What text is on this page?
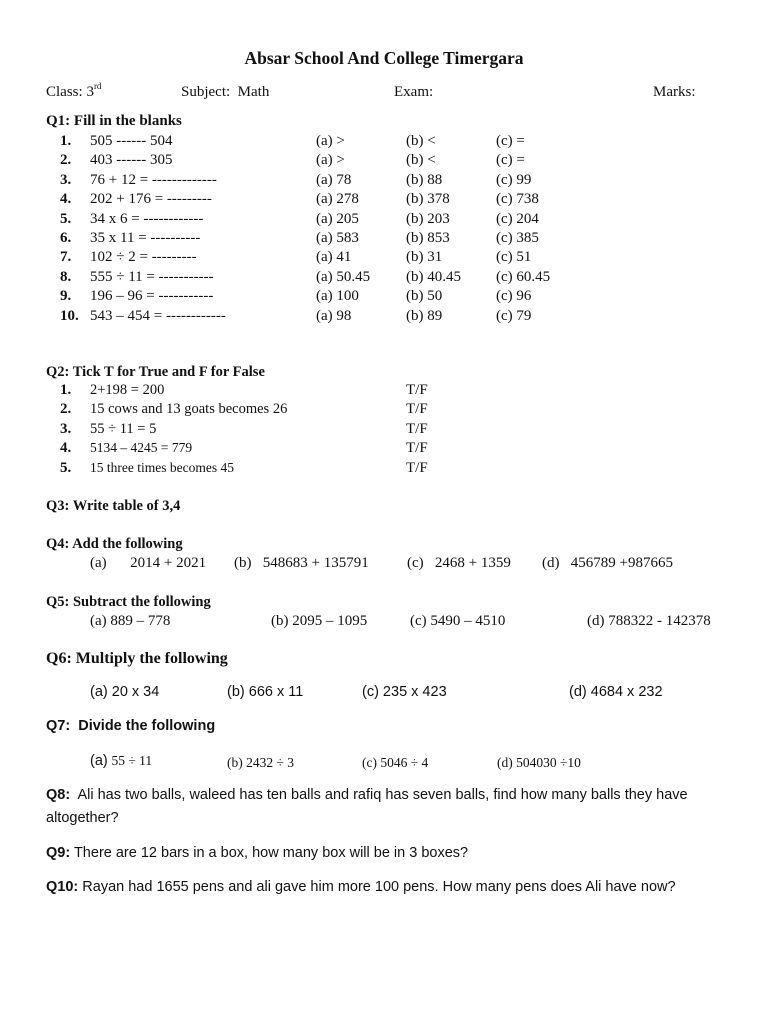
Absar School And College Timergara
Class: 3rd	Subject: Math	Exam:	Marks:
Q1: Fill in the blanks
1. 505 ------ 504	(a) >	(b) <	(c) =
2. 403 ------ 305	(a) >	(b) <	(c) =
3. 76 + 12 = -------------	(a) 78	(b) 88	(c) 99
4. 202 + 176 = ---------	(a) 278	(b) 378	(c) 738
5. 34 x 6 = ------------	(a) 205	(b) 203	(c) 204
6. 35 x 11 = ----------	(a) 583	(b) 853	(c) 385
7. 102 ÷ 2 = ---------	(a) 41	(b) 31	(c) 51
8. 555 ÷ 11 = -----------	(a) 50.45 (b) 40.45 (c) 60.45
9. 196 – 96 = -----------	(a) 100	(b) 50	(c) 96
10. 543 – 454 = ------------	(a) 98	(b) 89	(c) 79
Q2: Tick T for True and F for False
1. 2+198 = 200	T/F
2. 15 cows and 13 goats becomes 26	T/F
3. 55 ÷ 11 = 5	T/F
4. 5134 – 4245 = 779	T/F
5. 15 three times becomes 45	T/F
Q3: Write table of 3,4
Q4: Add the following
(a) 2014 + 2021 (b) 548683 + 135791	(c) 2468 + 1359 (d) 456789 +987665
Q5: Subtract the following
(a) 889 – 778	(b) 2095 – 1095	(c) 5490 – 4510	(d) 788322 - 142378
Q6: Multiply the following
(a) 20 x 34	(b) 666 x 11	(c) 235 x 423	(d) 4684 x 232
Q7: Divide the following
(a) 55 ÷ 11	(b) 2432 ÷ 3	(c) 5046 ÷ 4	(d) 504030 ÷10
Q8: Ali has two balls, waleed has ten balls and rafiq has seven balls, find how many balls they have altogether?
Q9: There are 12 bars in a box, how many box will be in 3 boxes?
Q10: Rayan had 1655 pens and ali gave him more 100 pens. How many pens does Ali have now?
